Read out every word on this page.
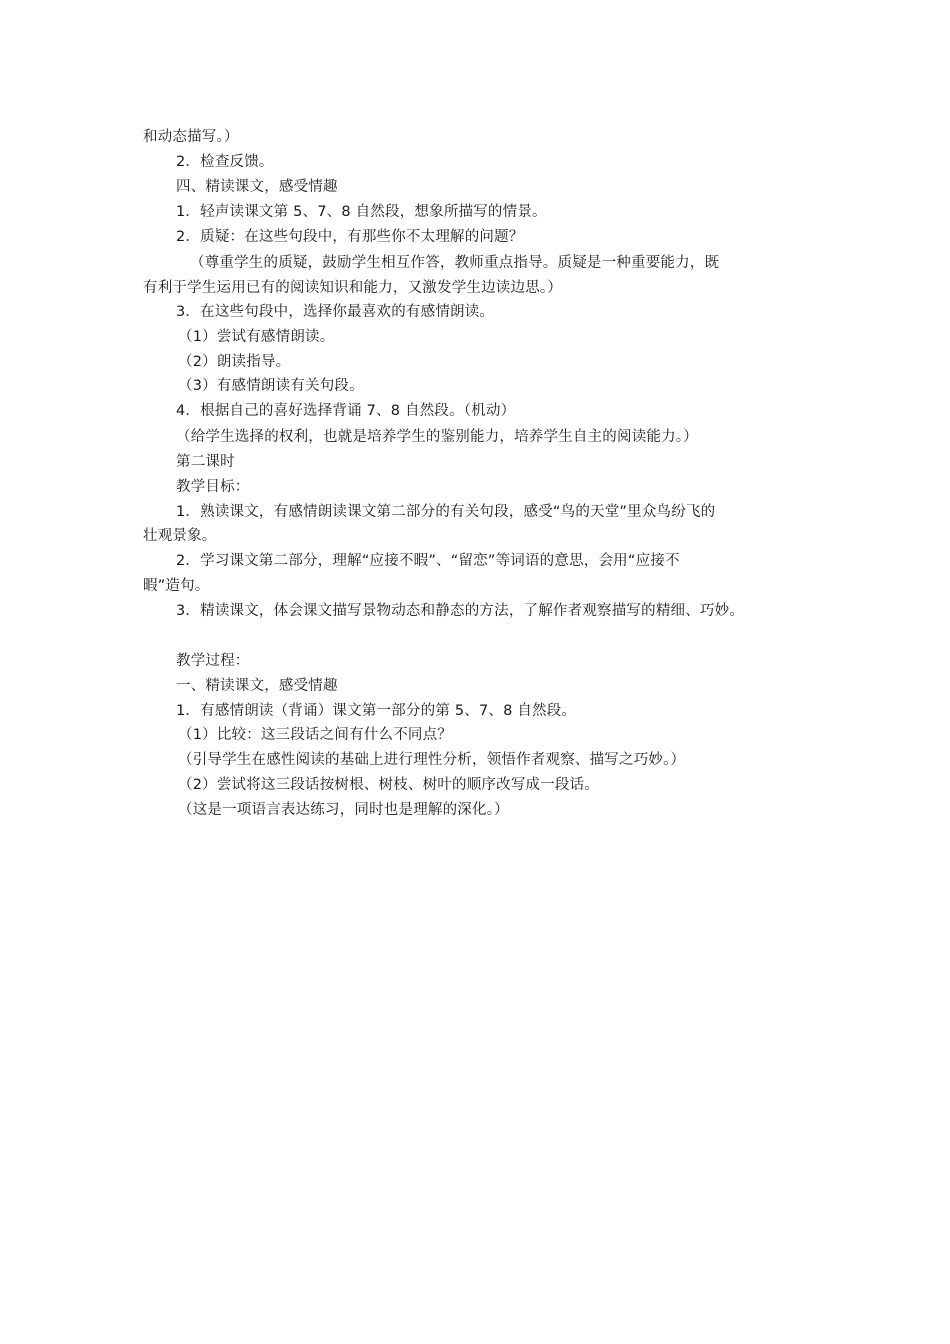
和动态描写。）
2．检查反馈。
四、精读课文，感受情趣
1．轻声读课文第 5、7、8 自然段，想象所描写的情景。
2．质疑：在这些句段中，有那些你不太理解的问题？
（尊重学生的质疑，鼓励学生相互作答，教师重点指导。质疑是一种重要能力，既
有利于学生运用已有的阅读知识和能力，又激发学生边读边思。）
3．在这些句段中，选择你最喜欢的有感情朗读。
（1）尝试有感情朗读。
（2）朗读指导。
（3）有感情朗读有关句段。
4．根据自己的喜好选择背诵 7、8 自然段。（机动）
（给学生选择的权利，也就是培养学生的鉴别能力，培养学生自主的阅读能力。）
第二课时
教学目标：
1．熟读课文，有感情朗读课文第二部分的有关句段，感受“鸟的天堂”里众鸟纷飞的
壮观景象。
2．学习课文第二部分，理解“应接不暇”、“留恋”等词语的意思，会用“应接不
暇”造句。
3．精读课文，体会课文描写景物动态和静态的方法，了解作者观察描写的精细、巧妙。
教学过程：
一、精读课文，感受情趣
1．有感情朗读（背诵）课文第一部分的第 5、7、8 自然段。
（1）比较：这三段话之间有什么不同点？
（引导学生在感性阅读的基础上进行理性分析，领悟作者观察、描写之巧妙。）
（2）尝试将这三段话按树根、树枝、树叶的顺序改写成一段话。
（这是一项语言表达练习，同时也是理解的深化。）
